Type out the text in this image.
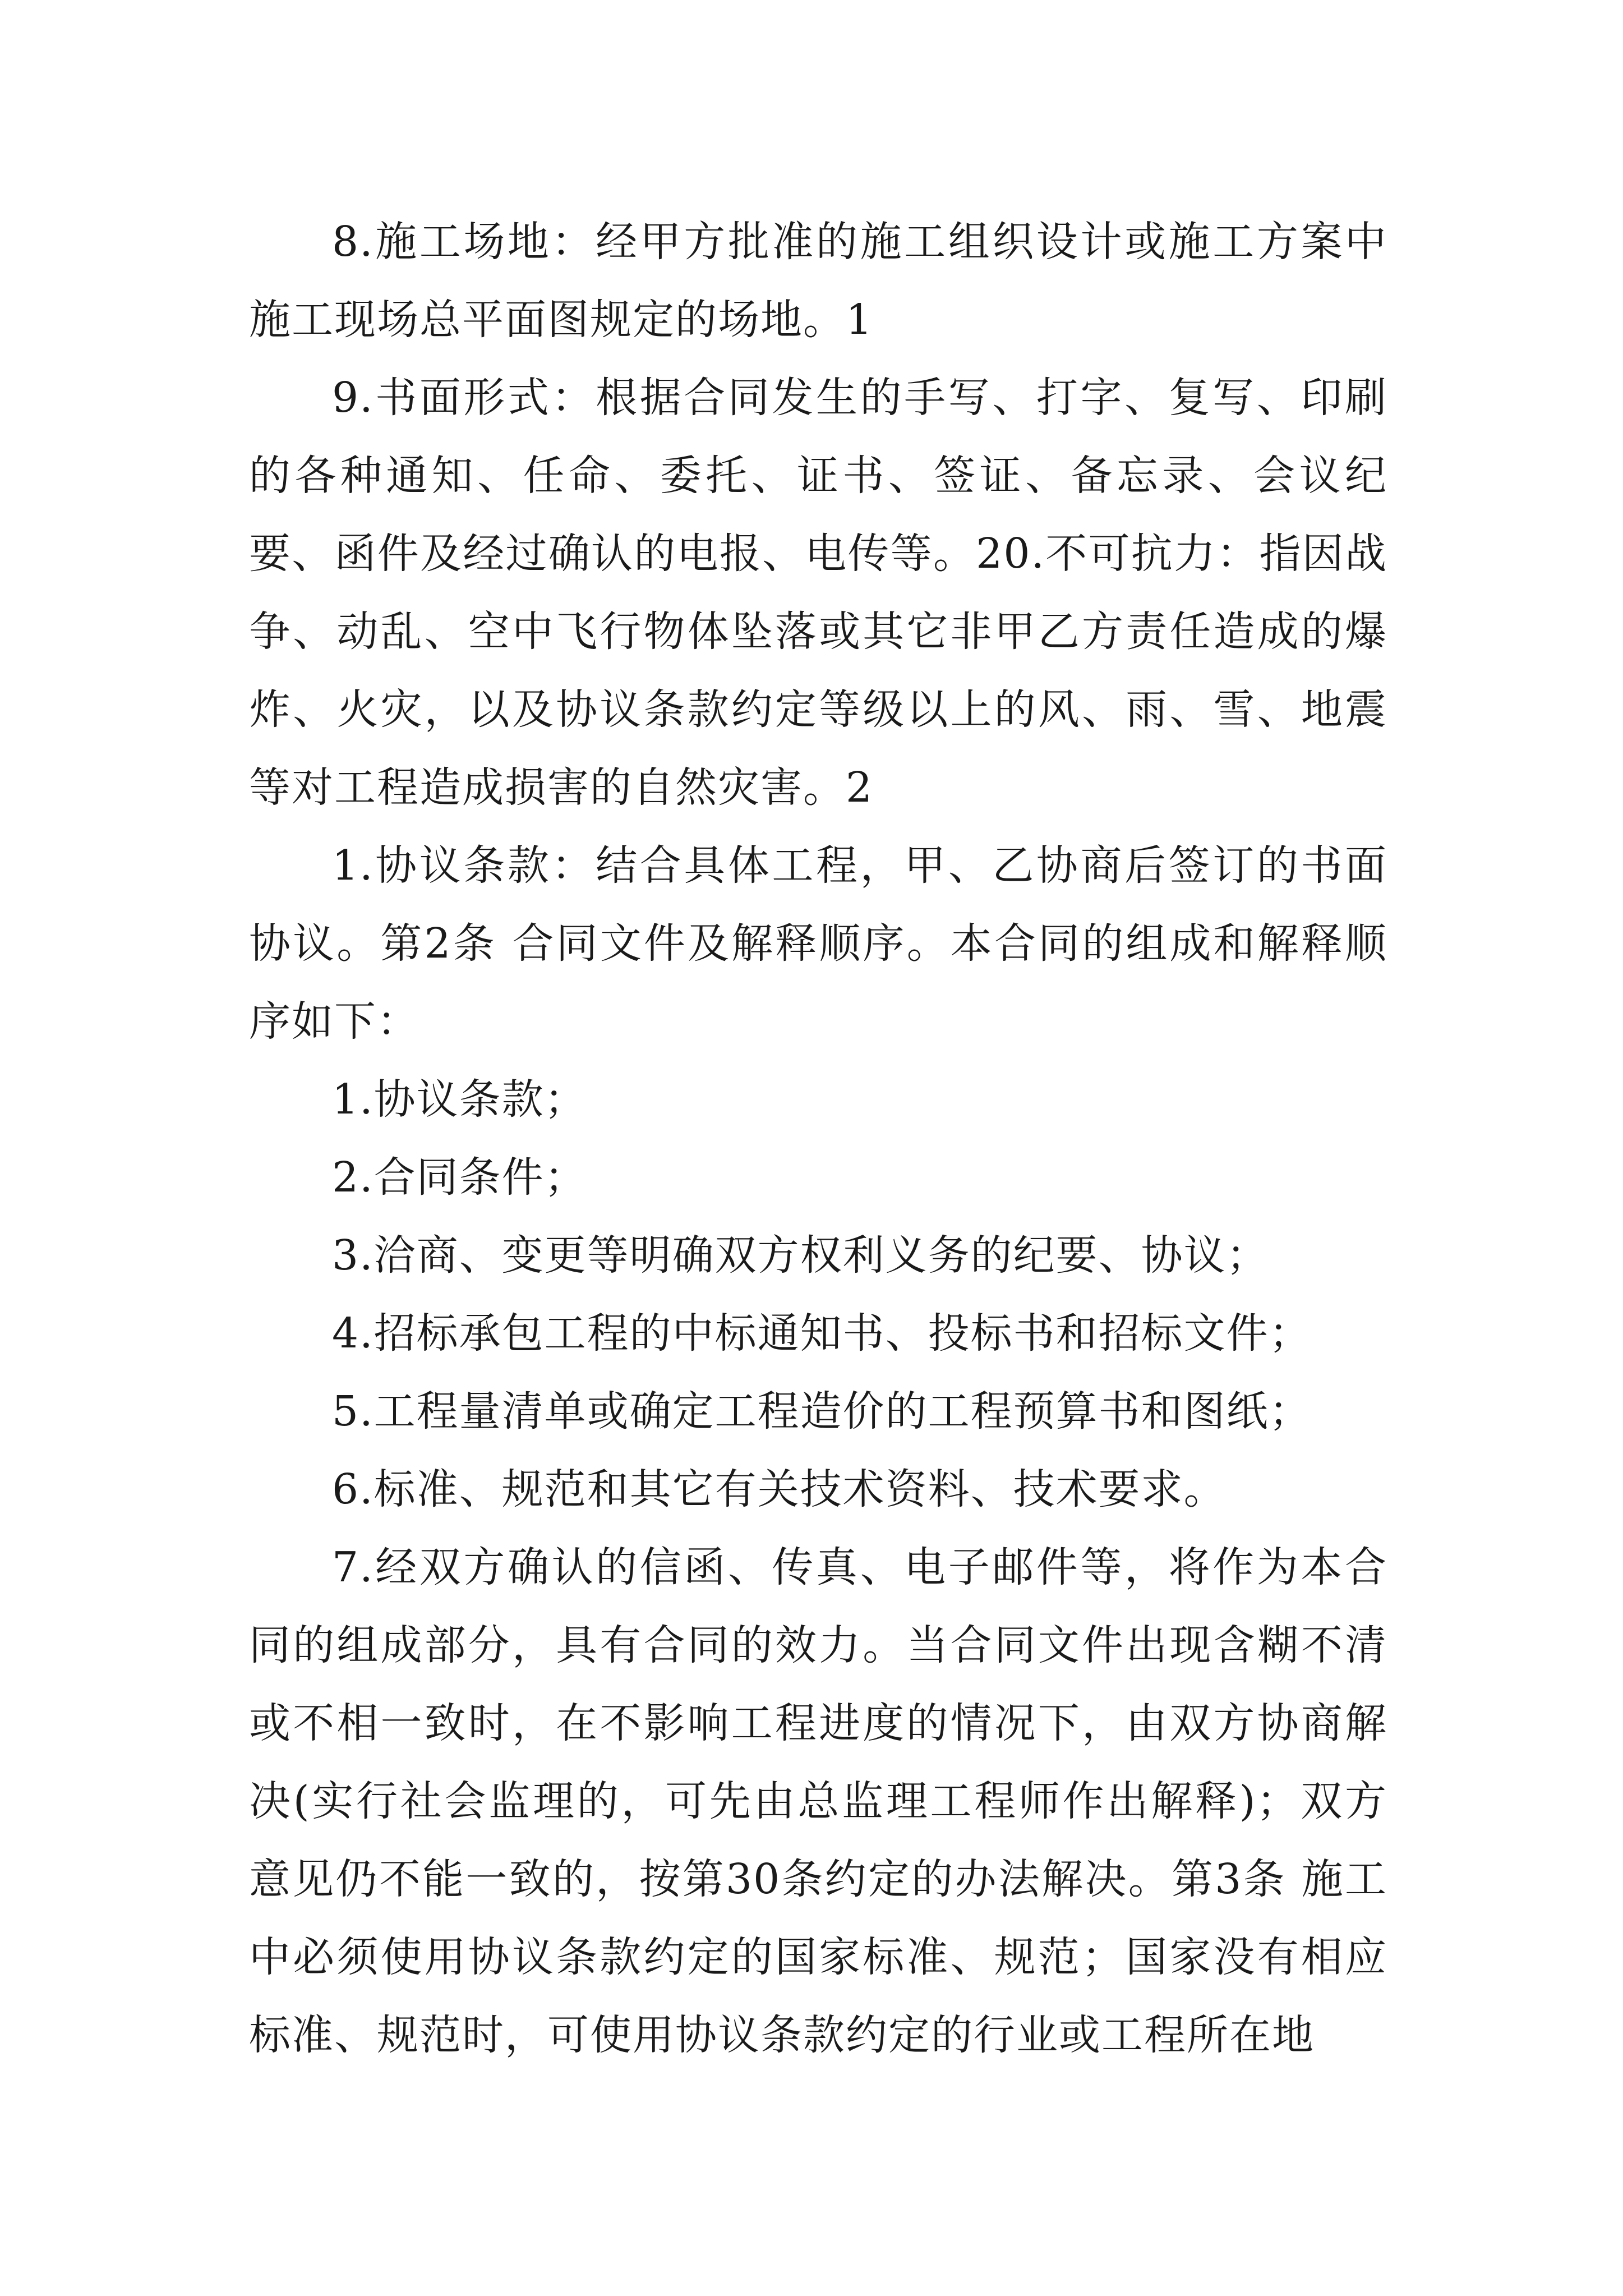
8.施工场地：经甲方批准的施工组织设计或施工方案中施工现场总平面图规定的场地。1

9.书面形式：根据合同发生的手写、打字、复写、印刷的各种通知、任命、委托、证书、签证、备忘录、会议纪要、函件及经过确认的电报、电传等。20.不可抗力：指因战争、动乱、空中飞行物体坠落或其它非甲乙方责任造成的爆炸、火灾，以及协议条款约定等级以上的风、雨、雪、地震等对工程造成损害的自然灾害。2

1.协议条款：结合具体工程，甲、乙协商后签订的书面协议。第2条 合同文件及解释顺序。本合同的组成和解释顺序如下：

1.协议条款；

2.合同条件；

3.洽商、变更等明确双方权利义务的纪要、协议；

4.招标承包工程的中标通知书、投标书和招标文件；

5.工程量清单或确定工程造价的工程预算书和图纸；

6.标准、规范和其它有关技术资料、技术要求。

7.经双方确认的信函、传真、电子邮件等，将作为本合同的组成部分，具有合同的效力。当合同文件出现含糊不清或不相一致时，在不影响工程进度的情况下，由双方协商解决(实行社会监理的，可先由总监理工程师作出解释)；双方意见仍不能一致的，按第30条约定的办法解决。第3条 施工中必须使用协议条款约定的国家标准、规范；国家没有相应标准、规范时，可使用协议条款约定的行业或工程所在地
